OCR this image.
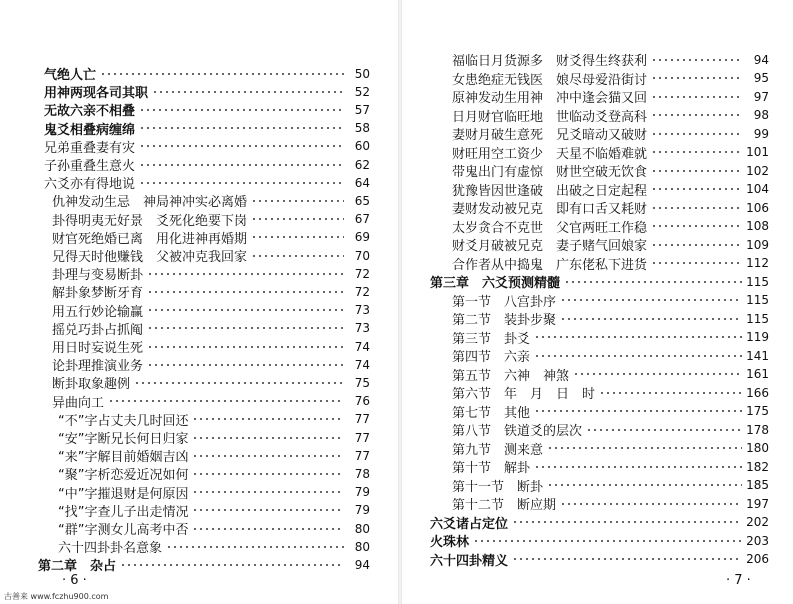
气绝人亡	50
用神两现各司其职	52
无故六亲不相叠	57
鬼爻相叠病缠绵	58
兄弟重叠妻有灾	60
子孙重叠生意火	62
六爻亦有得地说	64
仇神发动生忌　神局神冲实必离婚	65
卦得明夷无好景　爻死化绝要下岗	67
财官死绝婚已离　用化进神再婚期	69
兄得天时他赚钱　父被冲克我回家	70
卦理与变易断卦	72
解卦象梦断牙育	72
用五行妙论输赢	73
摇兑巧卦占抓阄	73
用日时妄说生死	74
论卦理推演业务	74
断卦取象趣例	75
异曲向工	76
“不”字占丈夫几时回还	77
“安”字断兄长何日归家	77
“来”字解目前婚姻吉凶	77
“聚”字析恋爱近况如何	78
“中”字摧退财是何原因	79
“找”字查儿子出走情况	79
“群”字测女儿高考中否	80
六十四卦卦名意象	80
第二章　杂占	94
· 6 ·
福临日月货源多　财爻得生终获利	94
女患绝症无钱医　娘尽母爱沿街讨	95
原神发动生用神　冲中逢会猫又回	97
日月财官临旺地　世临动爻登高科	98
妻财月破生意死　兄爻暗动又破财	99
财旺用空工资少　天星不临婚难就	101
带鬼出门有虚惊　财世空破无饮食	102
犹豫皆因世逢破　出破之日定起程	104
妻财发动被兄克　即有口舌又耗财	106
太岁贪合不克世　父官两旺工作稳	108
财爻月破被兄克　妻子赌气回娘家	109
合作者从中捣鬼　广东佬私下进货	112
第三章　六爻预测精髓	115
第一节　八宫卦序	115
第二节　装卦步聚	115
第三节　卦爻	119
第四节　六亲	141
第五节　六神　神煞	161
第六节　年　月　日　时	166
第七节　其他	175
第八节　铁道爻的层次	178
第九节　测来意	180
第十节　解卦	182
第十一节　断卦	185
第十二节　断应期	197
六爻诸占定位	202
火珠林	203
六十四卦精义	206
· 7 ·
古善来 www.fczhu900.com
